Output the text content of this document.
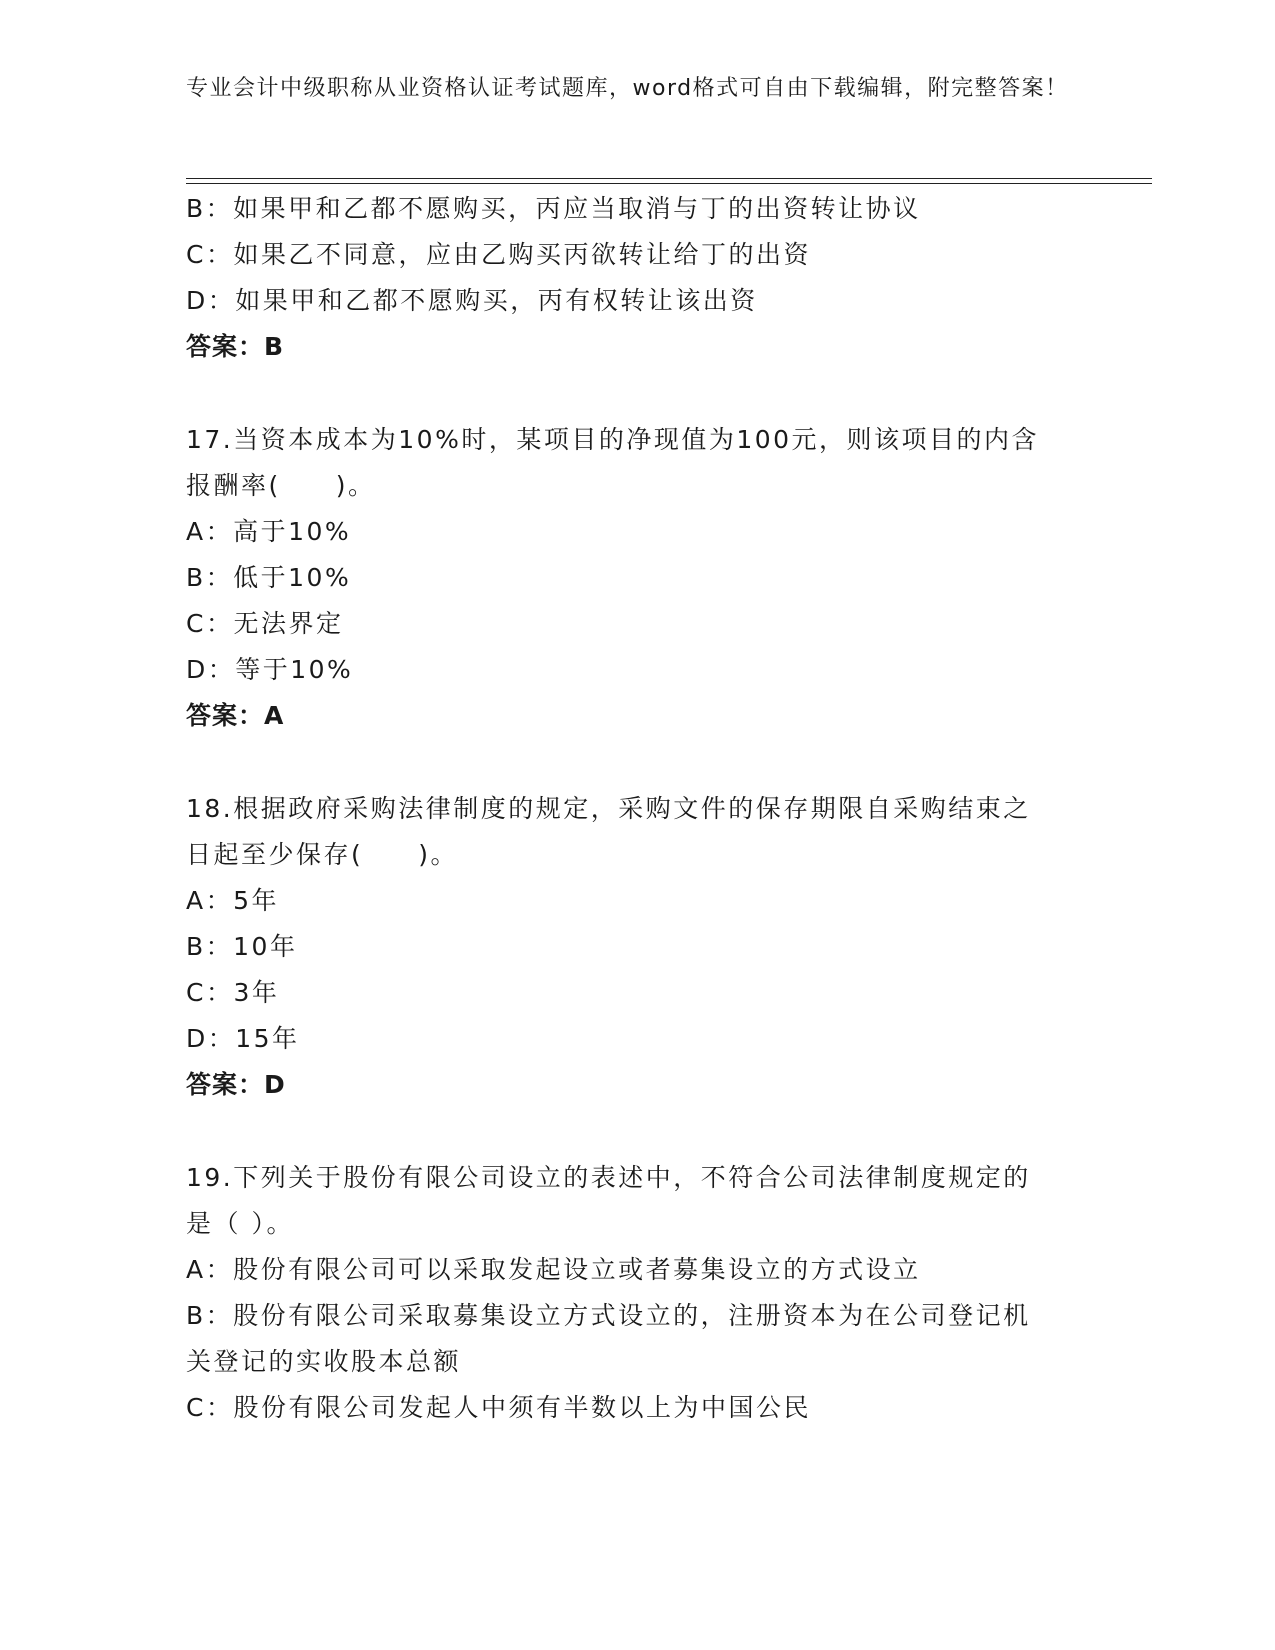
专业会计中级职称从业资格认证考试题库，word格式可自由下载编辑，附完整答案！
B：如果甲和乙都不愿购买，丙应当取消与丁的出资转让协议
C：如果乙不同意，应由乙购买丙欲转让给丁的出资
D：如果甲和乙都不愿购买，丙有权转让该出资
答案：B
17.当资本成本为10%时，某项目的净现值为100元，则该项目的内含
报酬率(　　)。
A：高于10%
B：低于10%
C：无法界定
D：等于10%
答案：A
18.根据政府采购法律制度的规定，采购文件的保存期限自采购结束之
日起至少保存(　　)。
A：5年
B：10年
C：3年
D：15年
答案：D
19.下列关于股份有限公司设立的表述中，不符合公司法律制度规定的
是（ ）。
A：股份有限公司可以采取发起设立或者募集设立的方式设立
B：股份有限公司采取募集设立方式设立的，注册资本为在公司登记机
关登记的实收股本总额
C：股份有限公司发起人中须有半数以上为中国公民
